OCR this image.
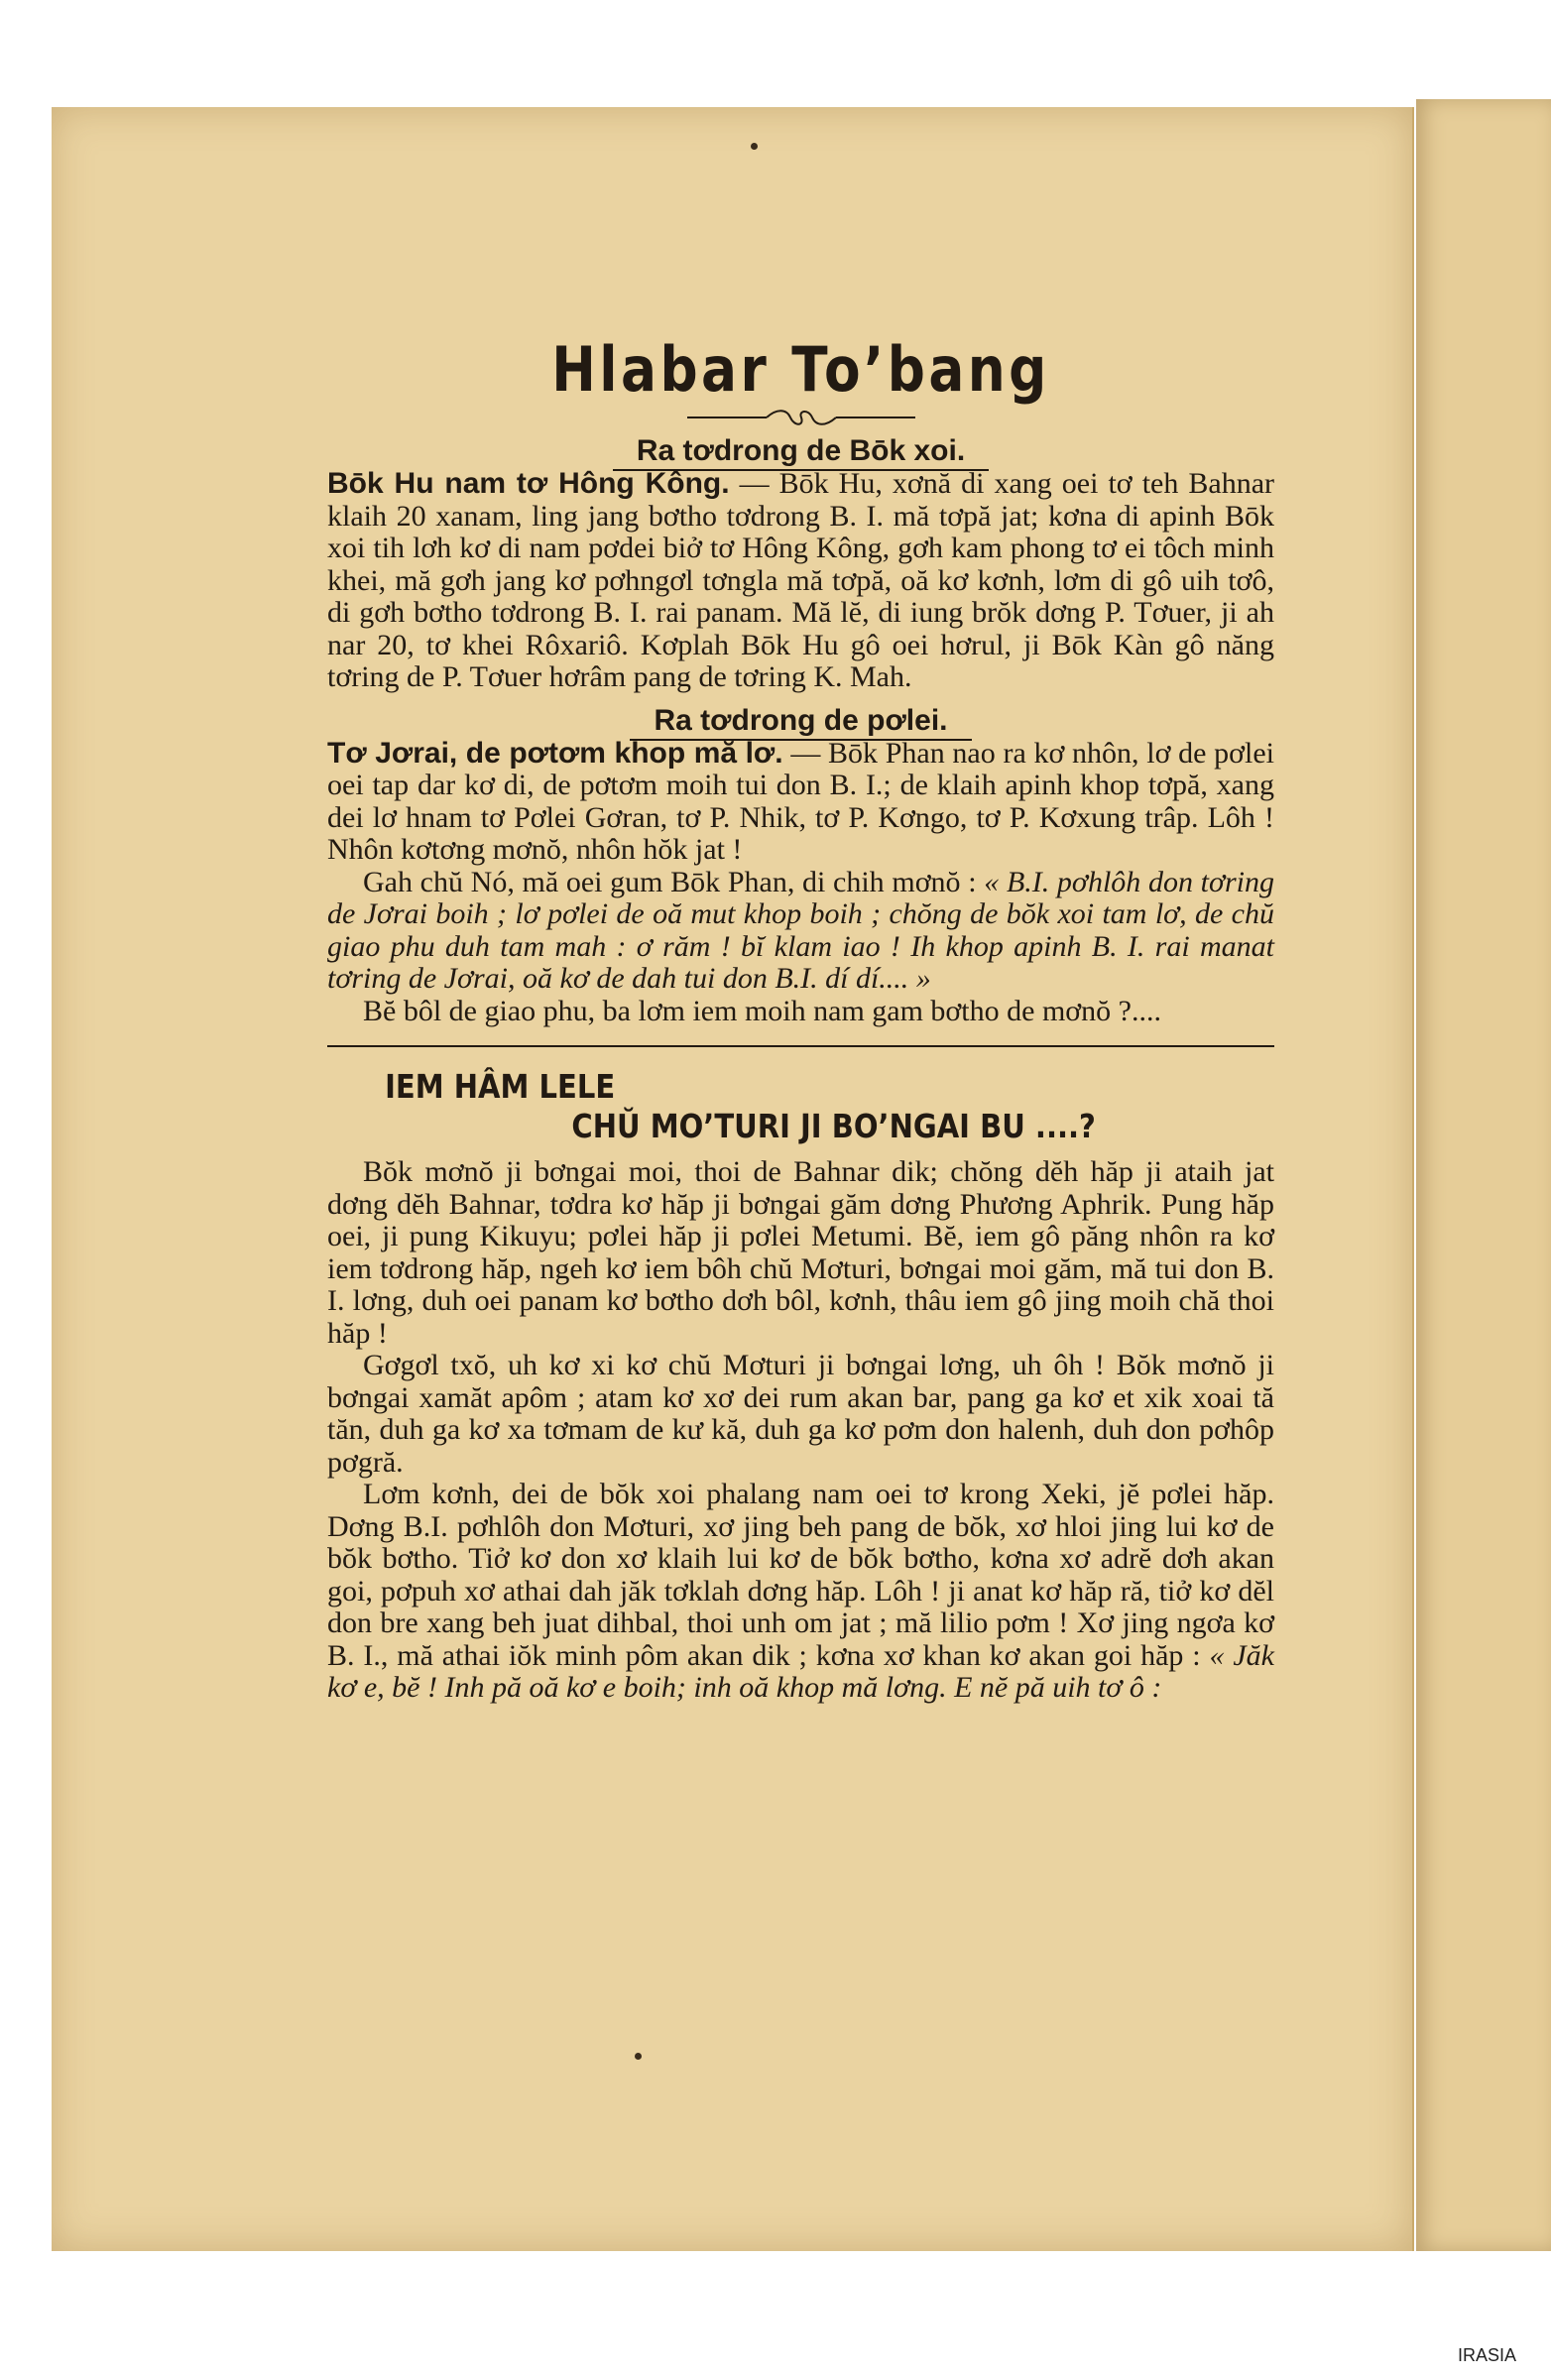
Hlabar To’bang
Ra tơdrong de Bōk xoi.

Bōk Hu nam tơ Hông Kông. — Bōk Hu, xơnă di xang oei tơ teh Bahnar klaih 20 xanam, ling jang bơtho tơdrong B. I. mă tơpă jat; kơna di apinh Bōk xoi tih lơh kơ di nam pơdei biở tơ Hông Kông, gơh kam phong tơ ei tôch minh khei, mă gơh jang kơ pơhngơl tơngla mă tơpă, oă kơ kơnh, lơm di gô uih tơô, di gơh bơtho tơdrong B. I. rai panam. Mă lĕ, di iung brŏk dơng P. Tơuer, ji ah nar 20, tơ khei Rôxariô. Kơplah Bōk Hu gô oei hơrul, ji Bōk Kàn gô năng tơring de P. Tơuer hơrâm pang de tơring K. Mah.

Ra tơdrong de pơlei.

Tơ Jơrai, de pơtơm khop mă lơ. — Bōk Phan nao ra kơ nhôn, lơ de pơlei oei tap dar kơ di, de pơtơm moih tui don B. I.; de klaih apinh khop tơpă, xang dei lơ hnam tơ Pơlei Gơran, tơ P. Nhik, tơ P. Kơngo, tơ P. Kơxung trâp. Lôh ! Nhôn kơtơng mơnŏ, nhôn hŏk jat !

Gah chŭ Nó, mă oei gum Bōk Phan, di chih mơnŏ : « B.I. pơhlôh don tơring de Jơrai boih ; lơ pơlei de oă mut khop boih ; chŏng de bŏk xoi tam lơ, de chŭ giao phu duh tam mah : ơ răm ! bĭ klam iao ! Ih khop apinh B. I. rai manat tơring de Jơrai, oă kơ de dah tui don B.I. dí dí.... »

Bĕ bôl de giao phu, ba lơm iem moih nam gam bơtho de mơnŏ ?....

IEM HÂM LELE
CHŬ MO’TURI JI BO’NGAI BU ....?

Bŏk mơnŏ ji bơngai moi, thoi de Bahnar dik; chŏng dĕh hăp ji ataih jat dơng dĕh Bahnar, tơdra kơ hăp ji bơngai găm dơng Phương Aphrik. Pung hăp oei, ji pung Kikuyu; pơlei hăp ji pơlei Metumi. Bĕ, iem gô păng nhôn ra kơ iem tơdrong hăp, ngeh kơ iem bôh chŭ Mơturi, bơngai moi găm, mă tui don B. I. lơng, duh oei panam kơ bơtho dơh bôl, kơnh, thâu iem gô jing moih chă thoi hăp !

Gơgơl txŏ, uh kơ xi kơ chŭ Mơturi ji bơngai lơng, uh ôh ! Bŏk mơnŏ ji bơngai xamăt apôm ; atam kơ xơ dei rum akan bar, pang ga kơ et xik xoai tă tăn, duh ga kơ xa tơmam de kư kă, duh ga kơ pơm don halenh, duh don pơhôp pơgră.

Lơm kơnh, dei de bŏk xoi phalang nam oei tơ krong Xeki, jĕ pơlei hăp. Dơng B.I. pơhlôh don Mơturi, xơ jing beh pang de bŏk, xơ hloi jing lui kơ de bŏk bơtho. Tiở kơ don xơ klaih lui kơ de bŏk bơtho, kơna xơ adrĕ dơh akan goi, pơpuh xơ athai dah jăk tơklah dơng hăp. Lôh ! ji anat kơ hăp ră, tiở kơ dĕl don bre xang beh juat dihbal, thoi unh om jat ; mă lilio pơm ! Xơ jing ngơa kơ B. I., mă athai iŏk minh pôm akan dik ; kơna xơ khan kơ akan goi hăp : « Jăk kơ e, bĕ ! Inh pă oă kơ e boih; inh oă khop mă lơng. E nĕ pă uih tơ ô :

IRASIA
